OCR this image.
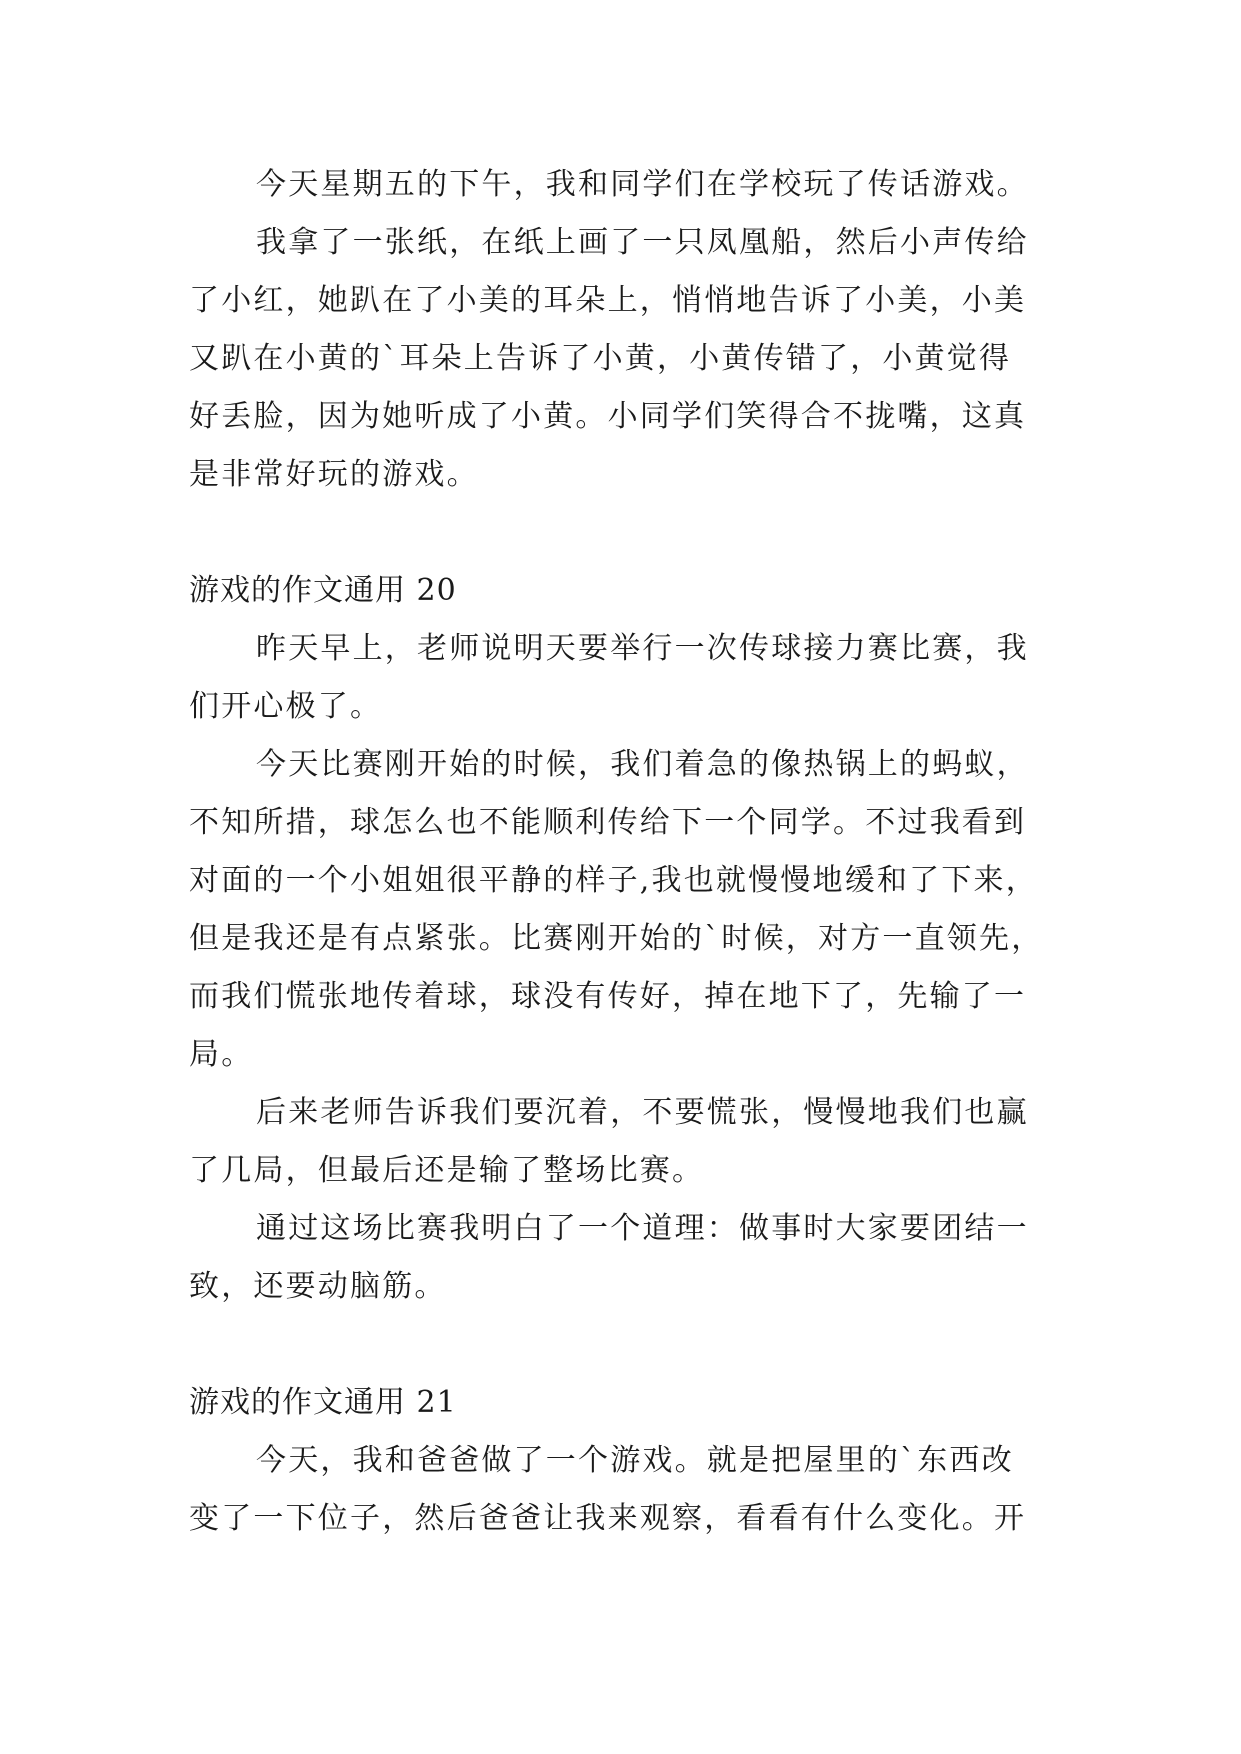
今天星期五的下午，我和同学们在学校玩了传话游戏。
我拿了一张纸，在纸上画了一只凤凰船，然后小声传给
了小红，她趴在了小美的耳朵上，悄悄地告诉了小美，小美
又趴在小黄的`耳朵上告诉了小黄，小黄传错了，小黄觉得
好丢脸，因为她听成了小黄。小同学们笑得合不拢嘴，这真
是非常好玩的游戏。
游戏的作文通用 20
昨天早上，老师说明天要举行一次传球接力赛比赛，我
们开心极了。
今天比赛刚开始的时候，我们着急的像热锅上的蚂蚁，
不知所措，球怎么也不能顺利传给下一个同学。不过我看到
对面的一个小姐姐很平静的样子,我也就慢慢地缓和了下来，
但是我还是有点紧张。比赛刚开始的`时候，对方一直领先，
而我们慌张地传着球，球没有传好，掉在地下了，先输了一
局。
后来老师告诉我们要沉着，不要慌张，慢慢地我们也赢
了几局，但最后还是输了整场比赛。
通过这场比赛我明白了一个道理：做事时大家要团结一
致，还要动脑筋。
游戏的作文通用 21
今天，我和爸爸做了一个游戏。就是把屋里的`东西改
变了一下位子，然后爸爸让我来观察，看看有什么变化。开
